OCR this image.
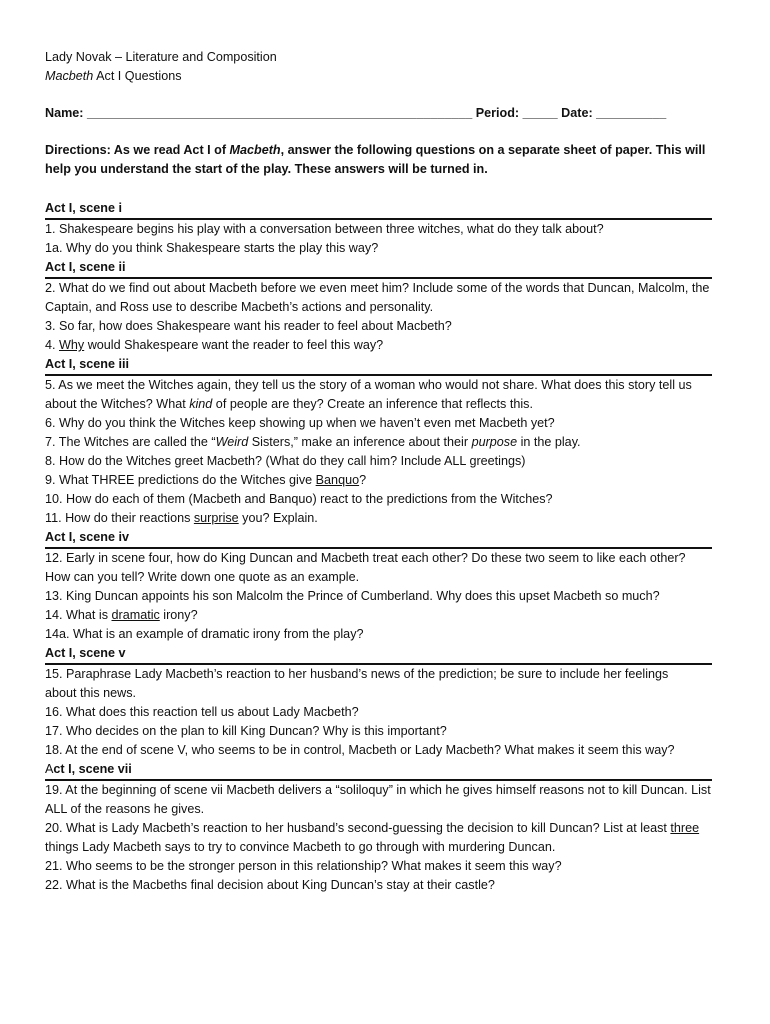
Lady Novak – Literature and Composition
Macbeth Act I Questions
Name: _______________________________________________________ Period: _____ Date: __________
Directions: As we read Act I of Macbeth, answer the following questions on a separate sheet of paper. This will help you understand the start of the play. These answers will be turned in.
Act I, scene i
1. Shakespeare begins his play with a conversation between three witches, what do they talk about?
1a. Why do you think Shakespeare starts the play this way?
Act I, scene ii
2. What do we find out about Macbeth before we even meet him? Include some of the words that Duncan, Malcolm, the Captain, and Ross use to describe Macbeth’s actions and personality.
3. So far, how does Shakespeare want his reader to feel about Macbeth?
4. Why would Shakespeare want the reader to feel this way?
Act I, scene iii
5. As we meet the Witches again, they tell us the story of a woman who would not share. What does this story tell us about the Witches? What kind of people are they? Create an inference that reflects this.
6. Why do you think the Witches keep showing up when we haven’t even met Macbeth yet?
7. The Witches are called the “Weird Sisters,” make an inference about their purpose in the play.
8. How do the Witches greet Macbeth? (What do they call him? Include ALL greetings)
9. What THREE predictions do the Witches give Banquo?
10. How do each of them (Macbeth and Banquo) react to the predictions from the Witches?
11. How do their reactions surprise you? Explain.
Act I, scene iv
12. Early in scene four, how do King Duncan and Macbeth treat each other? Do these two seem to like each other? How can you tell? Write down one quote as an example.
13. King Duncan appoints his son Malcolm the Prince of Cumberland. Why does this upset Macbeth so much?
14. What is dramatic irony?
14a. What is an example of dramatic irony from the play?
Act I, scene v
15. Paraphrase Lady Macbeth’s reaction to her husband’s news of the prediction; be sure to include her feelings about this news.
16. What does this reaction tell us about Lady Macbeth?
17. Who decides on the plan to kill King Duncan? Why is this important?
18. At the end of scene V, who seems to be in control, Macbeth or Lady Macbeth? What makes it seem this way?
Act I, scene vii
19. At the beginning of scene vii Macbeth delivers a “soliloquy” in which he gives himself reasons not to kill Duncan. List ALL of the reasons he gives.
20. What is Lady Macbeth’s reaction to her husband’s second-guessing the decision to kill Duncan? List at least three things Lady Macbeth says to try to convince Macbeth to go through with murdering Duncan.
21. Who seems to be the stronger person in this relationship? What makes it seem this way?
22. What is the Macbeths final decision about King Duncan’s stay at their castle?
